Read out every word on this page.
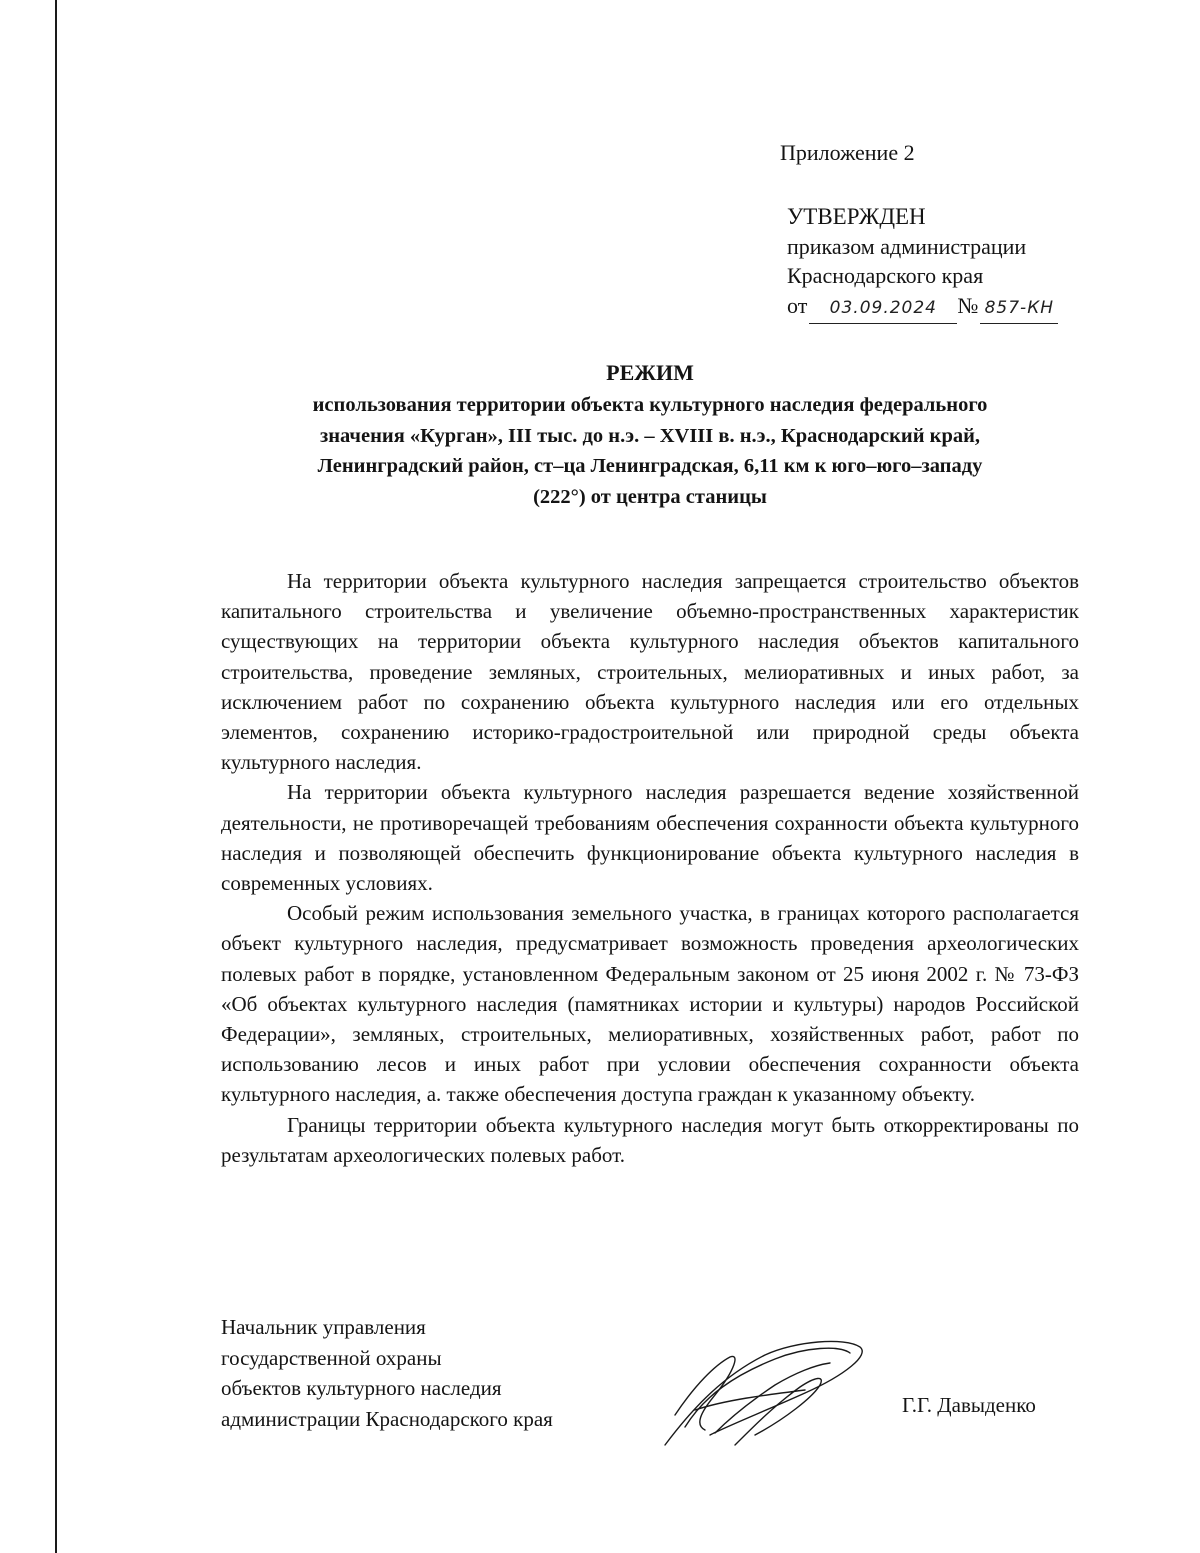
Приложение 2
УТВЕРЖДЕН
приказом администрации
Краснодарского края
от 03.09.2024 № 857-КН
РЕЖИМ
использования территории объекта культурного наследия федерального
значения «Курган», III тыс. до н.э. – XVIII в. н.э., Краснодарский край,
Ленинградский район, ст–ца Ленинградская, 6,11 км к юго–юго–западу
(222°) от центра станицы

На территории объекта культурного наследия запрещается строительство объектов капитального строительства и увеличение объемно-пространственных характеристик существующих на территории объекта культурного наследия объектов капитального строительства, проведение земляных, строительных, мелиоративных и иных работ, за исключением работ по сохранению объекта культурного наследия или его отдельных элементов, сохранению историко-градостроительной или природной среды объекта культурного наследия.

На территории объекта культурного наследия разрешается ведение хозяйственной деятельности, не противоречащей требованиям обеспечения сохранности объекта культурного наследия и позволяющей обеспечить функционирование объекта культурного наследия в современных условиях.

Особый режим использования земельного участка, в границах которого располагается объект культурного наследия, предусматривает возможность проведения археологических полевых работ в порядке, установленном Федеральным законом от 25 июня 2002 г. № 73-ФЗ «Об объектах культурного наследия (памятниках истории и культуры) народов Российской Федерации», земляных, строительных, мелиоративных, хозяйственных работ, работ по использованию лесов и иных работ при условии обеспечения сохранности объекта культурного наследия, а. также обеспечения доступа граждан к указанному объекту.

Границы территории объекта культурного наследия могут быть откорректированы по результатам археологических полевых работ.

Начальник управления
государственной охраны
объектов культурного наследия
администрации Краснодарского края
Г.Г. Давыденко
